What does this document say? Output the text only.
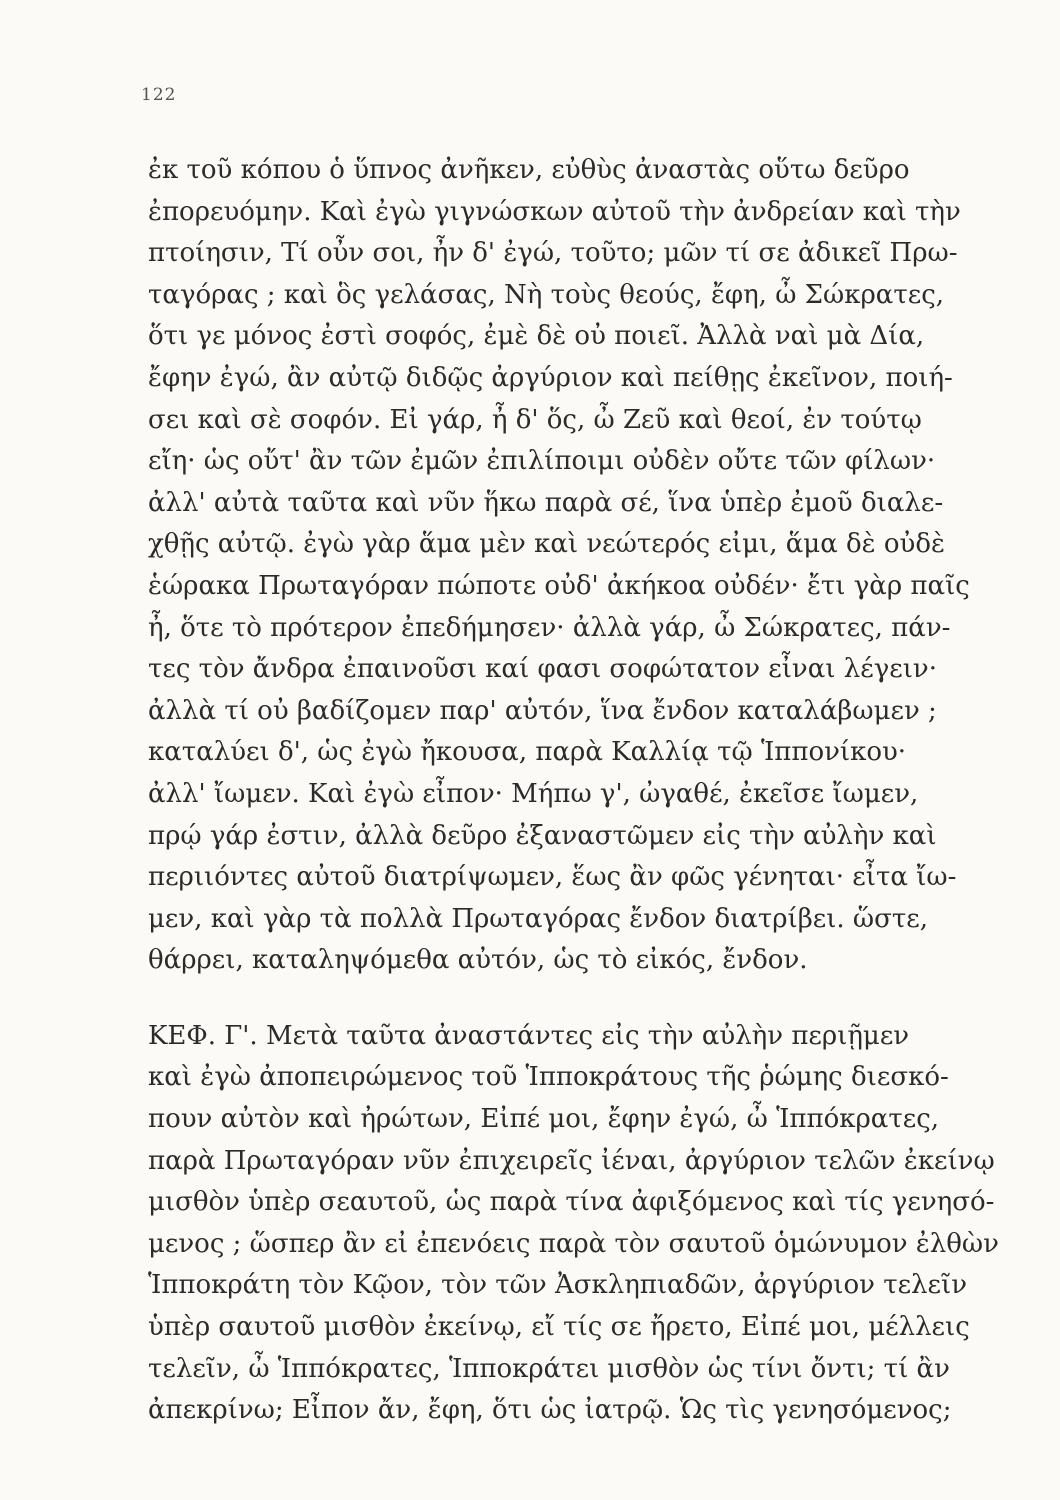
122
ἐκ τοῦ κόπου ὁ ὕπνος ἀνῆκεν, εὐθὺς ἀναστὰς οὕτω δεῦρο
ἐπορευόμην. Καὶ ἐγὼ γιγνώσκων αὐτοῦ τὴν ἀνδρείαν καὶ τὴν
πτοίησιν, Τί οὖν σοι, ἦν δ' ἐγώ, τοῦτο; μῶν τί σε ἀδικεῖ Πρω-
ταγόρας ; καὶ ὃς γελάσας, Νὴ τοὺς θεούς, ἔφη, ὦ Σώκρατες,
ὅτι γε μόνος ἐστὶ σοφός, ἐμὲ δὲ οὐ ποιεῖ. Ἀλλὰ ναὶ μὰ Δία,
ἔφην ἐγώ, ἂν αὐτῷ διδῷς ἀργύριον καὶ πείθῃς ἐκεῖνον, ποιή-
σει καὶ σὲ σοφόν. Εἰ γάρ, ἦ δ' ὅς, ὦ Ζεῦ καὶ θεοί, ἐν τούτῳ
εἴη· ὡς οὔτ' ἂν τῶν ἐμῶν ἐπιλίποιμι οὐδὲν οὔτε τῶν φίλων·
ἀλλ' αὐτὰ ταῦτα καὶ νῦν ἥκω παρὰ σέ, ἵνα ὑπὲρ ἐμοῦ διαλε-
χθῇς αὐτῷ. ἐγὼ γὰρ ἅμα μὲν καὶ νεώτερός εἰμι, ἅμα δὲ οὐδὲ
ἑώρακα Πρωταγόραν πώποτε οὐδ' ἀκήκοα οὐδέν· ἔτι γὰρ παῖς
ἦ, ὅτε τὸ πρότερον ἐπεδήμησεν· ἀλλὰ γάρ, ὦ Σώκρατες, πάν-
τες τὸν ἄνδρα ἐπαινοῦσι καί φασι σοφώτατον εἶναι λέγειν·
ἀλλὰ τί οὐ βαδίζομεν παρ' αὐτόν, ἵνα ἔνδον καταλάβωμεν ;
καταλύει δ', ὡς ἐγὼ ἤκουσα, παρὰ Καλλίᾳ τῷ Ἱππονίκου·
ἀλλ' ἴωμεν. Καὶ ἐγὼ εἶπον· Μήπω γ', ὠγαθέ, ἐκεῖσε ἴωμεν,
πρῴ γάρ ἐστιν, ἀλλὰ δεῦρο ἐξαναστῶμεν εἰς τὴν αὐλὴν καὶ
περιιόντες αὐτοῦ διατρίψωμεν, ἕως ἂν φῶς γένηται· εἶτα ἴω-
μεν, καὶ γὰρ τὰ πολλὰ Πρωταγόρας ἔνδον διατρίβει. ὥστε,
θάρρει, καταληψόμεθα αὐτόν, ὡς τὸ εἰκός, ἔνδον.
ΚΕΦ. Γ'. Μετὰ ταῦτα ἀναστάντες εἰς τὴν αὐλὴν περιῇμεν
καὶ ἐγὼ ἀποπειρώμενος τοῦ Ἱπποκράτους τῆς ῥώμης διεσκό-
πουν αὐτὸν καὶ ἠρώτων, Εἰπέ μοι, ἔφην ἐγώ, ὦ Ἱππόκρατες,
παρὰ Πρωταγόραν νῦν ἐπιχειρεῖς ἰέναι, ἀργύριον τελῶν ἐκείνῳ
μισθὸν ὑπὲρ σεαυτοῦ, ὡς παρὰ τίνα ἀφιξόμενος καὶ τίς γενησό-
μενος ; ὥσπερ ἂν εἰ ἐπενόεις παρὰ τὸν σαυτοῦ ὁμώνυμον ἐλθὼν
Ἱπποκράτη τὸν Κῷον, τὸν τῶν Ἀσκληπιαδῶν, ἀργύριον τελεῖν
ὑπὲρ σαυτοῦ μισθὸν ἐκείνῳ, εἴ τίς σε ἤρετο, Εἰπέ μοι, μέλλεις
τελεῖν, ὦ Ἱππόκρατες, Ἱπποκράτει μισθὸν ὡς τίνι ὄντι; τί ἂν
ἀπεκρίνω; Εἶπον ἄν, ἔφη, ὅτι ὡς ἰατρῷ. Ὡς τὶς γενησόμενος;
